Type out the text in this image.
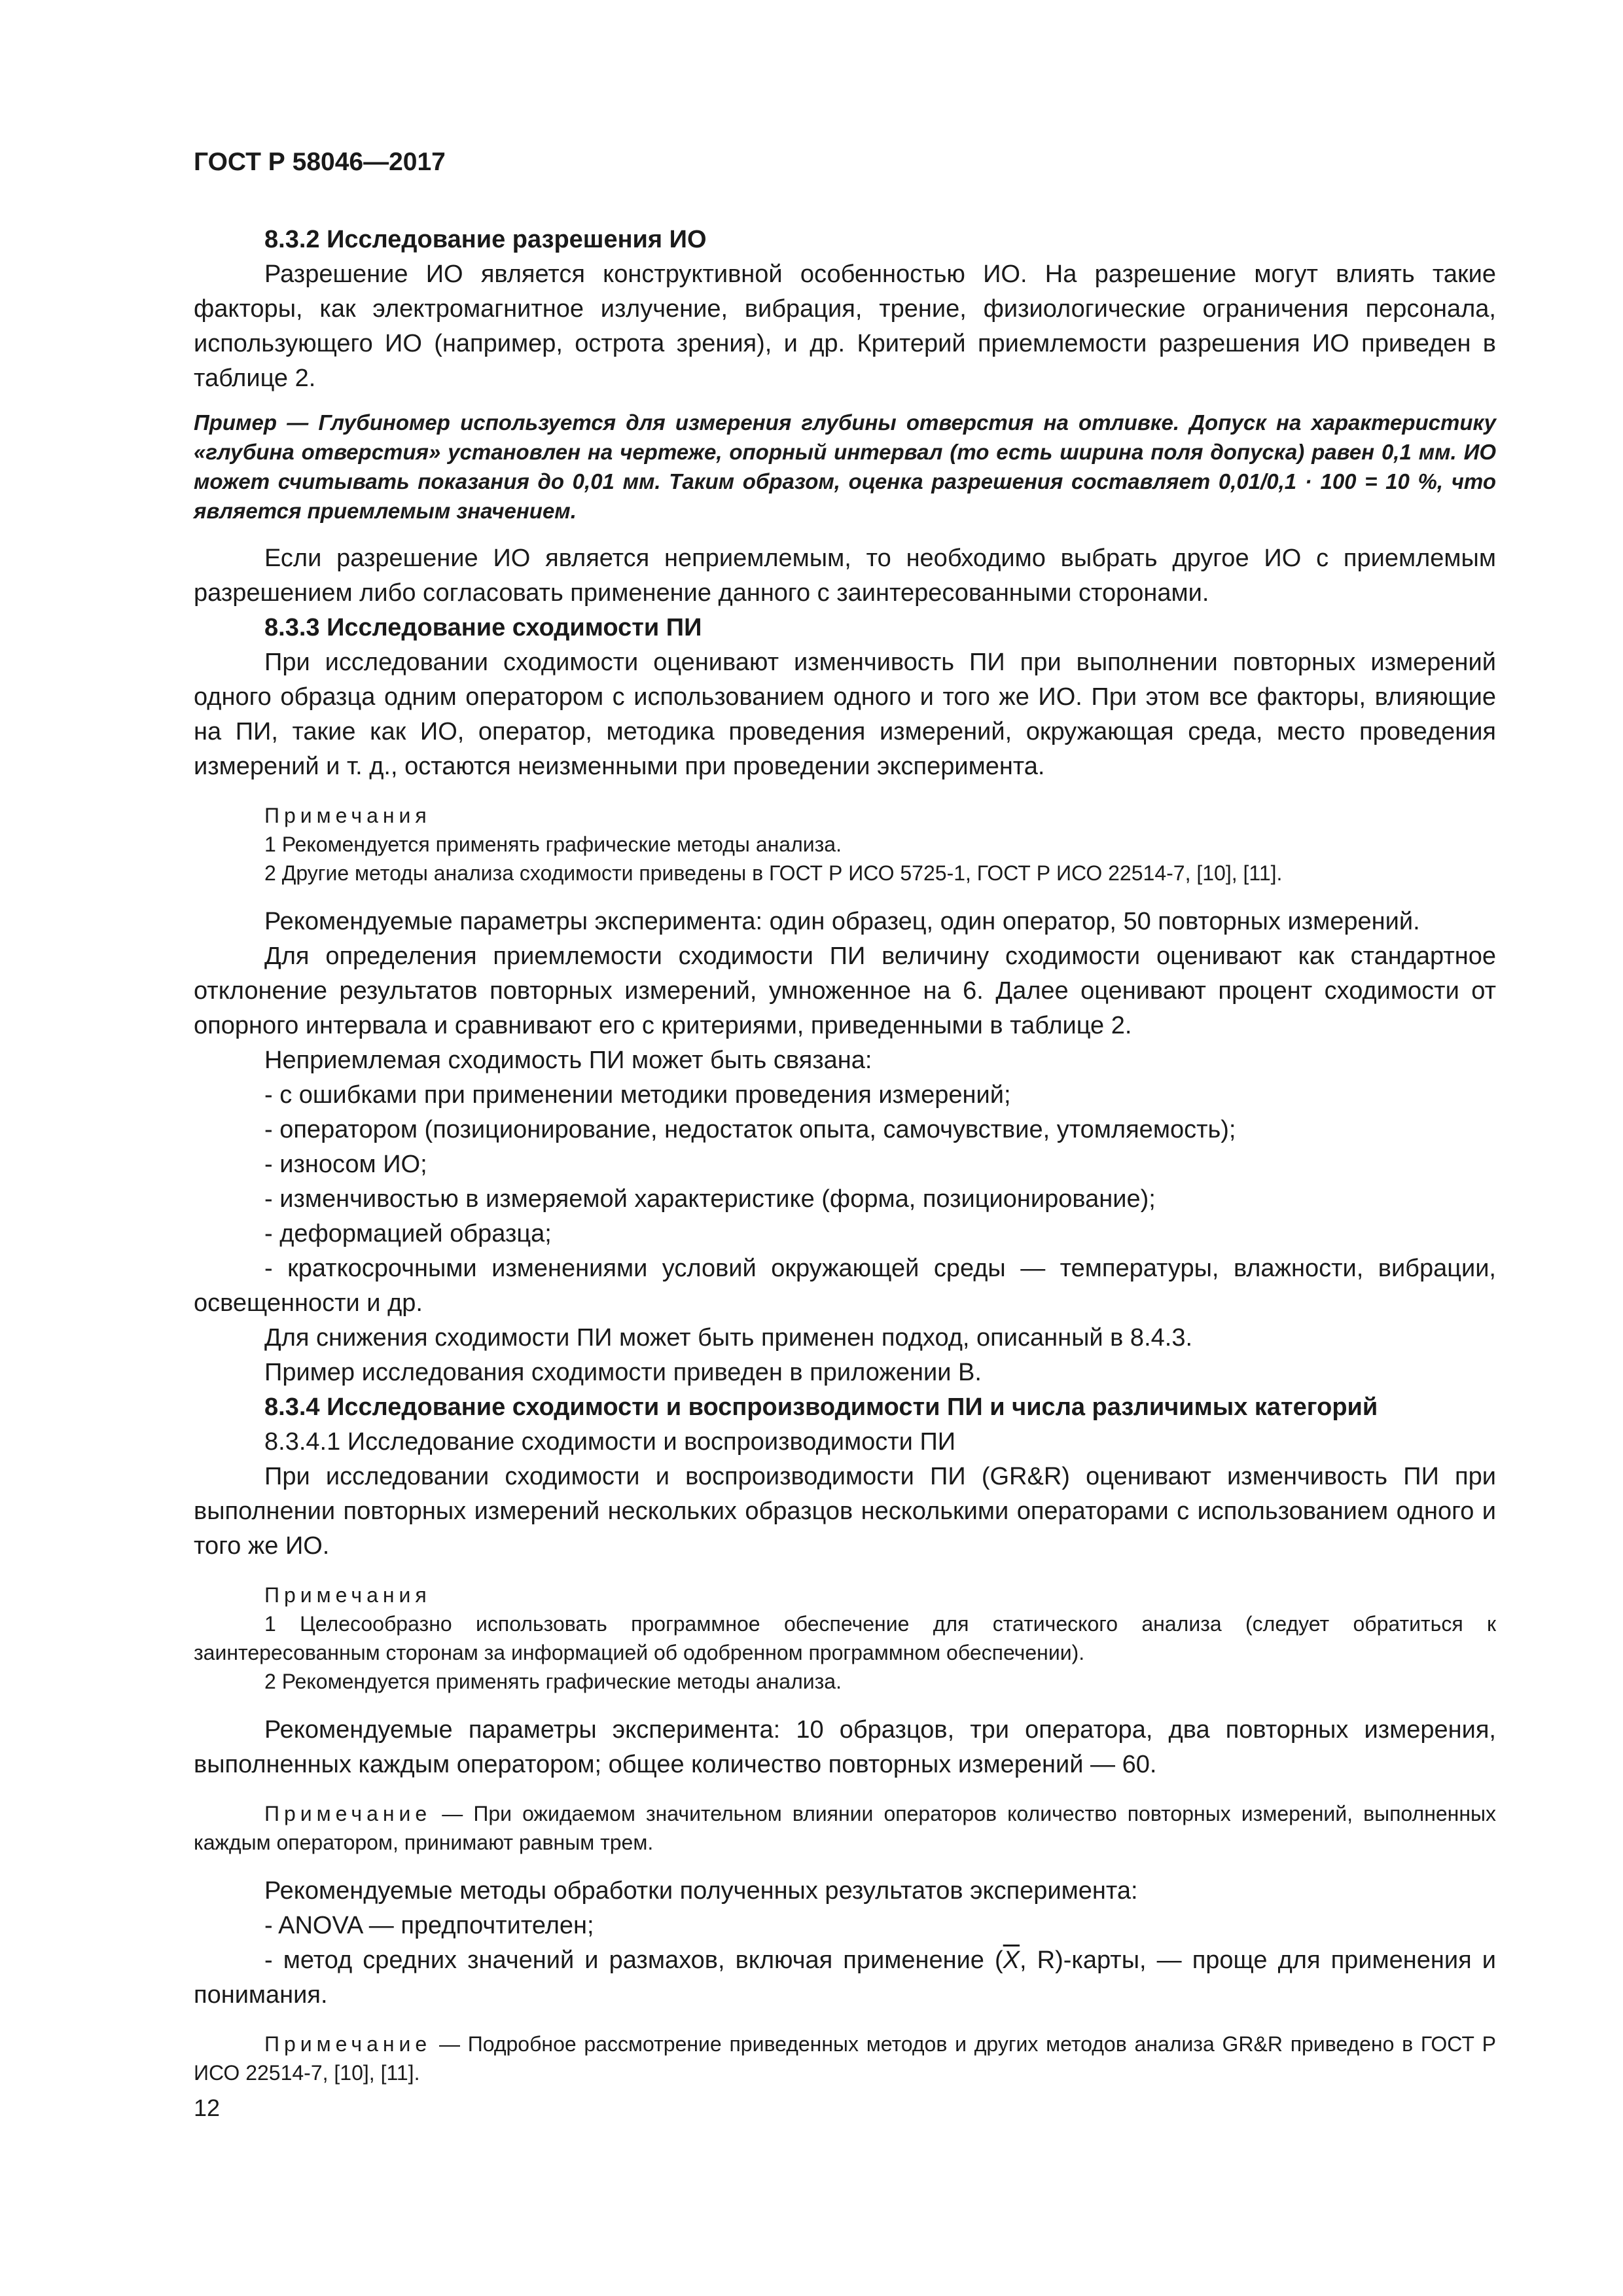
ГОСТ Р 58046—2017

8.3.2 Исследование разрешения ИО

Разрешение ИО является конструктивной особенностью ИО. На разрешение могут влиять такие факторы, как электромагнитное излучение, вибрация, трение, физиологические ограничения персонала, использующего ИО (например, острота зрения), и др. Критерий приемлемости разрешения ИО приведен в таблице 2.

Пример — Глубиномер используется для измерения глубины отверстия на отливке. Допуск на характеристику «глубина отверстия» установлен на чертеже, опорный интервал (то есть ширина поля допуска) равен 0,1 мм. ИО может считывать показания до 0,01 мм. Таким образом, оценка разрешения составляет 0,01/0,1 · 100 = 10 %, что является приемлемым значением.

Если разрешение ИО является неприемлемым, то необходимо выбрать другое ИО с приемлемым разрешением либо согласовать применение данного с заинтересованными сторонами.

8.3.3 Исследование сходимости ПИ

При исследовании сходимости оценивают изменчивость ПИ при выполнении повторных измерений одного образца одним оператором с использованием одного и того же ИО. При этом все факторы, влияющие на ПИ, такие как ИО, оператор, методика проведения измерений, окружающая среда, место проведения измерений и т. д., остаются неизменными при проведении эксперимента.

Примечания

1 Рекомендуется применять графические методы анализа.

2 Другие методы анализа сходимости приведены в ГОСТ Р ИСО 5725-1, ГОСТ Р ИСО 22514-7, [10], [11].

Рекомендуемые параметры эксперимента: один образец, один оператор, 50 повторных измерений.

Для определения приемлемости сходимости ПИ величину сходимости оценивают как стандартное отклонение результатов повторных измерений, умноженное на 6. Далее оценивают процент сходимости от опорного интервала и сравнивают его с критериями, приведенными в таблице 2.

Неприемлемая сходимость ПИ может быть связана:

- с ошибками при применении методики проведения измерений;

- оператором (позиционирование, недостаток опыта, самочувствие, утомляемость);

- износом ИО;

- изменчивостью в измеряемой характеристике (форма, позиционирование);

- деформацией образца;

- краткосрочными изменениями условий окружающей среды — температуры, влажности, вибрации, освещенности и др.

Для снижения сходимости ПИ может быть применен подход, описанный в 8.4.3.

Пример исследования сходимости приведен в приложении В.

8.3.4 Исследование сходимости и воспроизводимости ПИ и числа различимых категорий

8.3.4.1 Исследование сходимости и воспроизводимости ПИ

При исследовании сходимости и воспроизводимости ПИ (GR&R) оценивают изменчивость ПИ при выполнении повторных измерений нескольких образцов несколькими операторами с использованием одного и того же ИО.

Примечания

1 Целесообразно использовать программное обеспечение для статического анализа (следует обратиться к заинтересованным сторонам за информацией об одобренном программном обеспечении).

2 Рекомендуется применять графические методы анализа.

Рекомендуемые параметры эксперимента: 10 образцов, три оператора, два повторных измерения, выполненных каждым оператором; общее количество повторных измерений — 60.

Примечание — При ожидаемом значительном влиянии операторов количество повторных измерений, выполненных каждым оператором, принимают равным трем.

Рекомендуемые методы обработки полученных результатов эксперимента:

- ANOVA — предпочтителен;

- метод средних значений и размахов, включая применение ($\overline{X}$, R)-карты, — проще для применения и понимания.

Примечание — Подробное рассмотрение приведенных методов и других методов анализа GR&R приведено в ГОСТ Р ИСО 22514-7, [10], [11].

12
